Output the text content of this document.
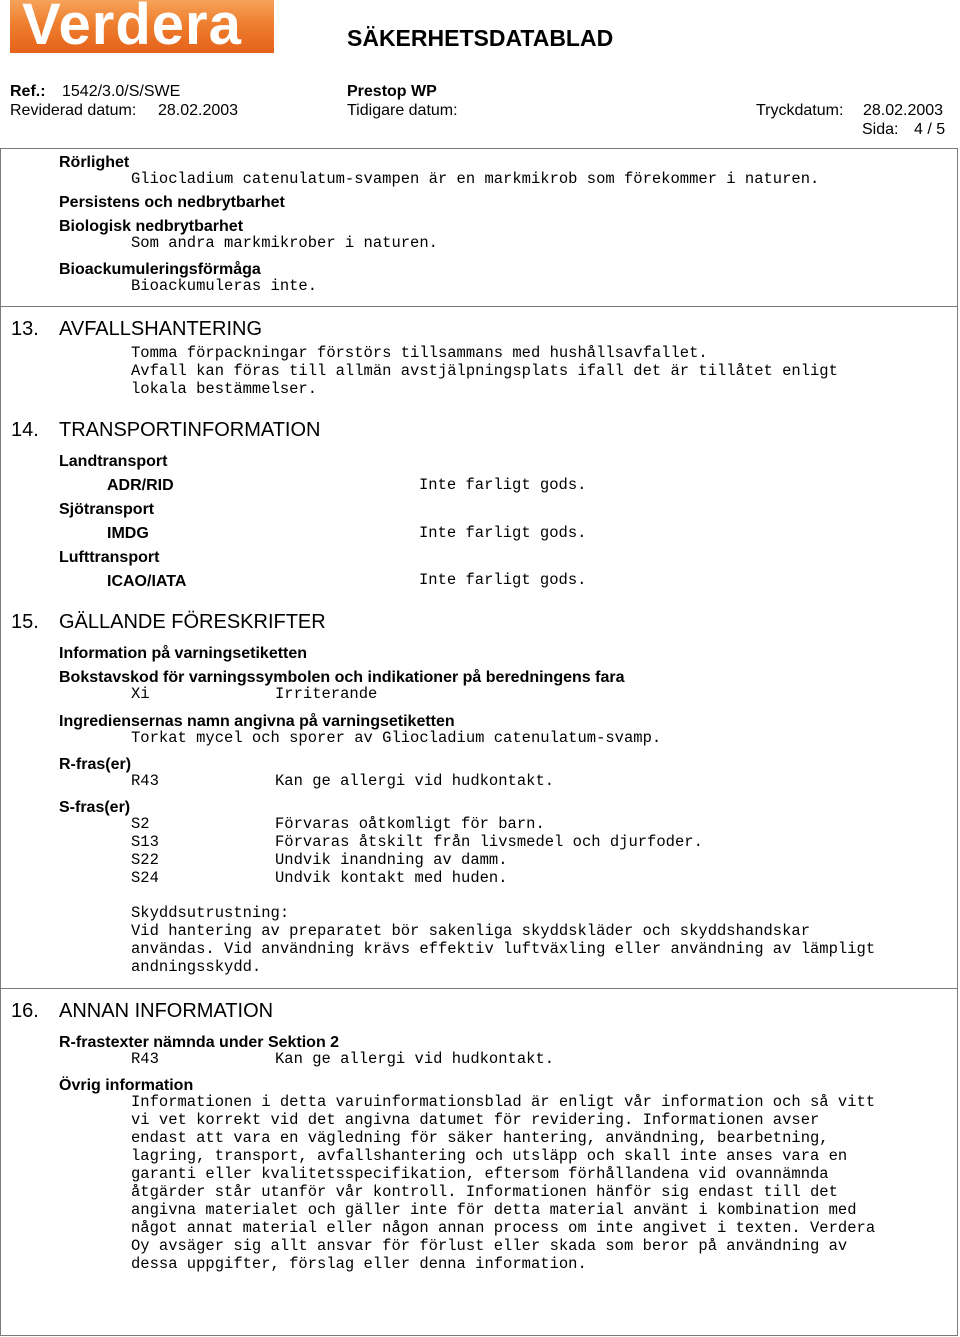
Verdera	SÄKERHETSDATABLAD
Ref.: 1542/3.0/S/SWE	Prestop WP
Reviderad datum: 28.02.2003	Tidigare datum:	Tryckdatum: 28.02.2003
Sida: 4 / 5
Rörlighet
Gliocladium catenulatum-svampen är en markmikrob som förekommer i naturen.
Persistens och nedbrytbarhet
Biologisk nedbrytbarhet
Som andra markmikrober i naturen.
Bioackumuleringsförmåga
Bioackumuleras inte.
13. AVFALLSHANTERING
Tomma förpackningar förstörs tillsammans med hushållsavfallet.
Avfall kan föras till allmän avstjälpningsplats ifall det är tillåtet enligt
lokala bestämmelser.
14. TRANSPORTINFORMATION
Landtransport
ADR/RID	Inte farligt gods.
Sjötransport
IMDG	Inte farligt gods.
Lufttransport
ICAO/IATA	Inte farligt gods.
15. GÄLLANDE FÖRESKRIFTER
Information på varningsetiketten
Bokstavskod för varningssymbolen och indikationer på beredningens fara
Xi	Irriterande
Ingrediensernas namn angivna på varningsetiketten
Torkat mycel och sporer av Gliocladium catenulatum-svamp.
R-fras(er)
R43	Kan ge allergi vid hudkontakt.
S-fras(er)
S2	Förvaras oåtkomligt för barn.
S13	Förvaras åtskilt från livsmedel och djurfoder.
S22	Undvik inandning av damm.
S24	Undvik kontakt med huden.
Skyddsutrustning:
Vid hantering av preparatet bör sakenliga skyddskläder och skyddshandskar
användas. Vid användning krävs effektiv luftväxling eller användning av lämpligt
andningsskydd.
16. ANNAN INFORMATION
R-frastexter nämnda under Sektion 2
R43	Kan ge allergi vid hudkontakt.
Övrig information
Informationen i detta varuinformationsblad är enligt vår information och så vitt
vi vet korrekt vid det angivna datumet för revidering. Informationen avser
endast att vara en vägledning för säker hantering, användning, bearbetning,
lagring, transport, avfallshantering och utsläpp och skall inte anses vara en
garanti eller kvalitetsspecifikation, eftersom förhållandena vid ovannämnda
åtgärder står utanför vår kontroll. Informationen hänför sig endast till det
angivna materialet och gäller inte för detta material använt i kombination med
något annat material eller någon annan process om inte angivet i texten. Verdera
Oy avsäger sig allt ansvar för förlust eller skada som beror på användning av
dessa uppgifter, förslag eller denna information.
